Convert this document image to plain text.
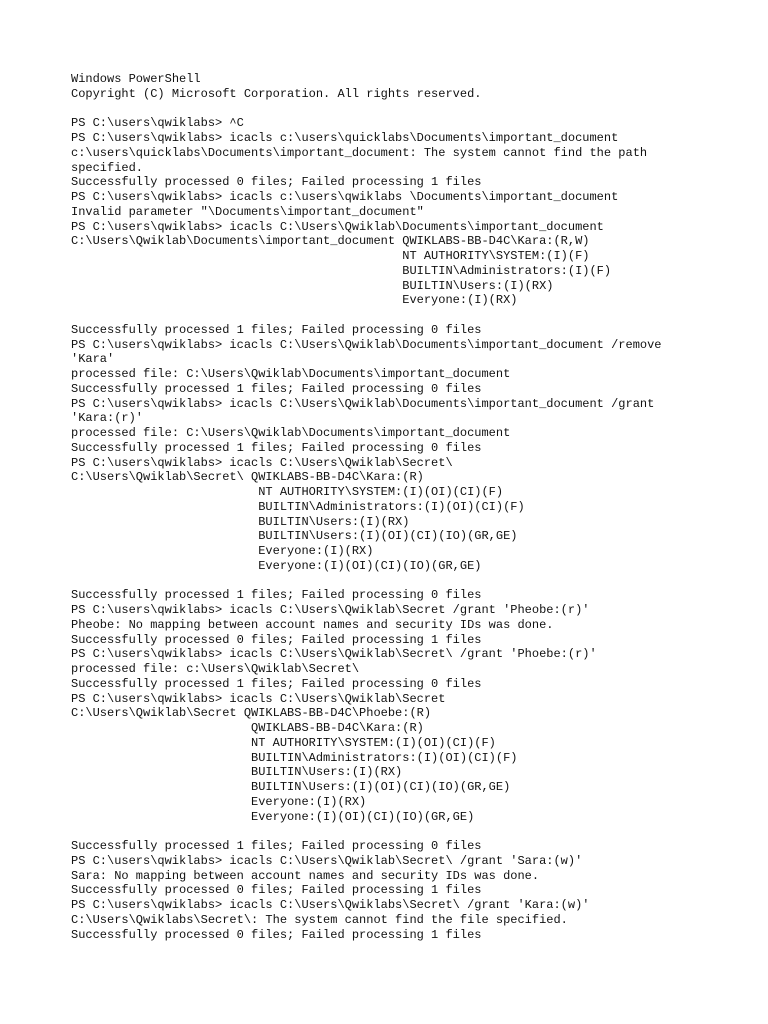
Windows PowerShell
Copyright (C) Microsoft Corporation. All rights reserved.
PS C:\users\qwiklabs> ^C
PS C:\users\qwiklabs> icacls c:\users\quicklabs\Documents\important_document
c:\users\quicklabs\Documents\important_document: The system cannot find the path
specified.
Successfully processed 0 files; Failed processing 1 files
PS C:\users\qwiklabs> icacls c:\users\qwiklabs \Documents\important_document
Invalid parameter "\Documents\important_document"
PS C:\users\qwiklabs> icacls C:\Users\Qwiklab\Documents\important_document
C:\Users\Qwiklab\Documents\important_document QWIKLABS-BB-D4C\Kara:(R,W)
NT AUTHORITY\SYSTEM:(I)(F)
BUILTIN\Administrators:(I)(F)
BUILTIN\Users:(I)(RX)
Everyone:(I)(RX)
Successfully processed 1 files; Failed processing 0 files
PS C:\users\qwiklabs> icacls C:\Users\Qwiklab\Documents\important_document /remove
'Kara'
processed file: C:\Users\Qwiklab\Documents\important_document
Successfully processed 1 files; Failed processing 0 files
PS C:\users\qwiklabs> icacls C:\Users\Qwiklab\Documents\important_document /grant
'Kara:(r)'
processed file: C:\Users\Qwiklab\Documents\important_document
Successfully processed 1 files; Failed processing 0 files
PS C:\users\qwiklabs> icacls C:\Users\Qwiklab\Secret\
C:\Users\Qwiklab\Secret\ QWIKLABS-BB-D4C\Kara:(R)
NT AUTHORITY\SYSTEM:(I)(OI)(CI)(F)
BUILTIN\Administrators:(I)(OI)(CI)(F)
BUILTIN\Users:(I)(RX)
BUILTIN\Users:(I)(OI)(CI)(IO)(GR,GE)
Everyone:(I)(RX)
Everyone:(I)(OI)(CI)(IO)(GR,GE)
Successfully processed 1 files; Failed processing 0 files
PS C:\users\qwiklabs> icacls C:\Users\Qwiklab\Secret /grant 'Pheobe:(r)'
Pheobe: No mapping between account names and security IDs was done.
Successfully processed 0 files; Failed processing 1 files
PS C:\users\qwiklabs> icacls C:\Users\Qwiklab\Secret\ /grant 'Phoebe:(r)'
processed file: c:\Users\Qwiklab\Secret\
Successfully processed 1 files; Failed processing 0 files
PS C:\users\qwiklabs> icacls C:\Users\Qwiklab\Secret
C:\Users\Qwiklab\Secret QWIKLABS-BB-D4C\Phoebe:(R)
QWIKLABS-BB-D4C\Kara:(R)
NT AUTHORITY\SYSTEM:(I)(OI)(CI)(F)
BUILTIN\Administrators:(I)(OI)(CI)(F)
BUILTIN\Users:(I)(RX)
BUILTIN\Users:(I)(OI)(CI)(IO)(GR,GE)
Everyone:(I)(RX)
Everyone:(I)(OI)(CI)(IO)(GR,GE)
Successfully processed 1 files; Failed processing 0 files
PS C:\users\qwiklabs> icacls C:\Users\Qwiklab\Secret\ /grant 'Sara:(w)'
Sara: No mapping between account names and security IDs was done.
Successfully processed 0 files; Failed processing 1 files
PS C:\users\qwiklabs> icacls C:\Users\Qwiklabs\Secret\ /grant 'Kara:(w)'
C:\Users\Qwiklabs\Secret\: The system cannot find the file specified.
Successfully processed 0 files; Failed processing 1 files
